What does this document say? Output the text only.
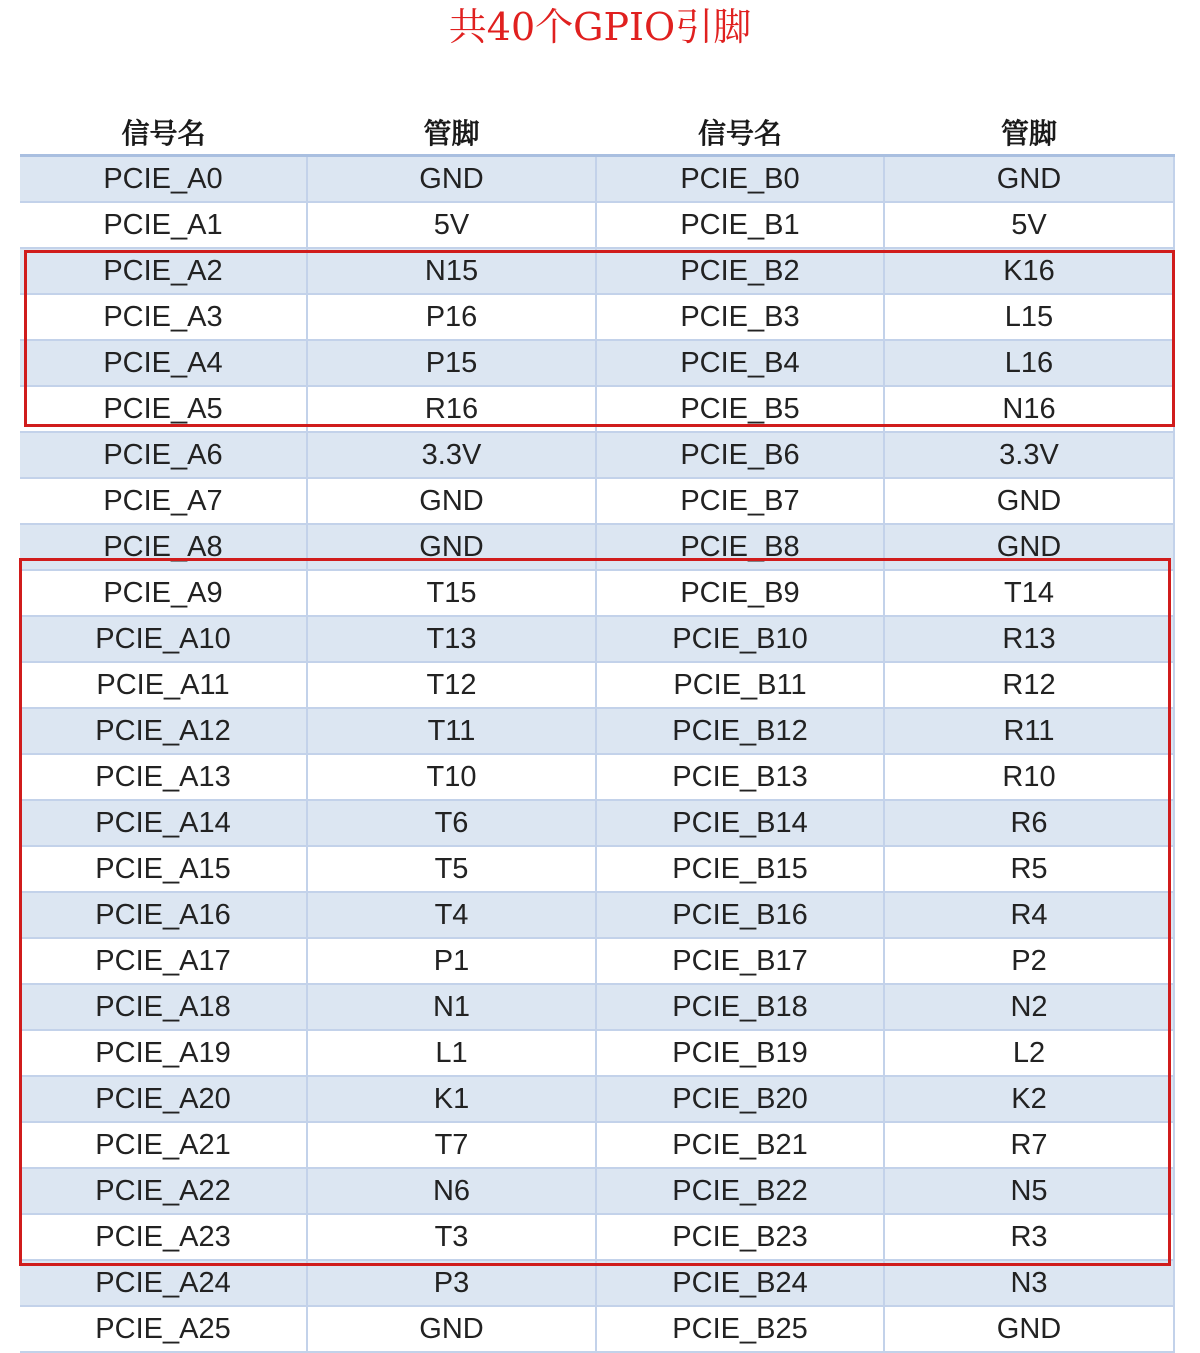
共40个GPIO引脚
信号名	管脚	信号名	管脚
PCIE_A0	GND	PCIE_B0	GND
PCIE_A1	5V	PCIE_B1	5V
PCIE_A2	N15	PCIE_B2	K16
PCIE_A3	P16	PCIE_B3	L15
PCIE_A4	P15	PCIE_B4	L16
PCIE_A5	R16	PCIE_B5	N16
PCIE_A6	3.3V	PCIE_B6	3.3V
PCIE_A7	GND	PCIE_B7	GND
PCIE_A8	GND	PCIE_B8	GND
PCIE_A9	T15	PCIE_B9	T14
PCIE_A10	T13	PCIE_B10	R13
PCIE_A11	T12	PCIE_B11	R12
PCIE_A12	T11	PCIE_B12	R11
PCIE_A13	T10	PCIE_B13	R10
PCIE_A14	T6	PCIE_B14	R6
PCIE_A15	T5	PCIE_B15	R5
PCIE_A16	T4	PCIE_B16	R4
PCIE_A17	P1	PCIE_B17	P2
PCIE_A18	N1	PCIE_B18	N2
PCIE_A19	L1	PCIE_B19	L2
PCIE_A20	K1	PCIE_B20	K2
PCIE_A21	T7	PCIE_B21	R7
PCIE_A22	N6	PCIE_B22	N5
PCIE_A23	T3	PCIE_B23	R3
PCIE_A24	P3	PCIE_B24	N3
PCIE_A25	GND	PCIE_B25	GND
